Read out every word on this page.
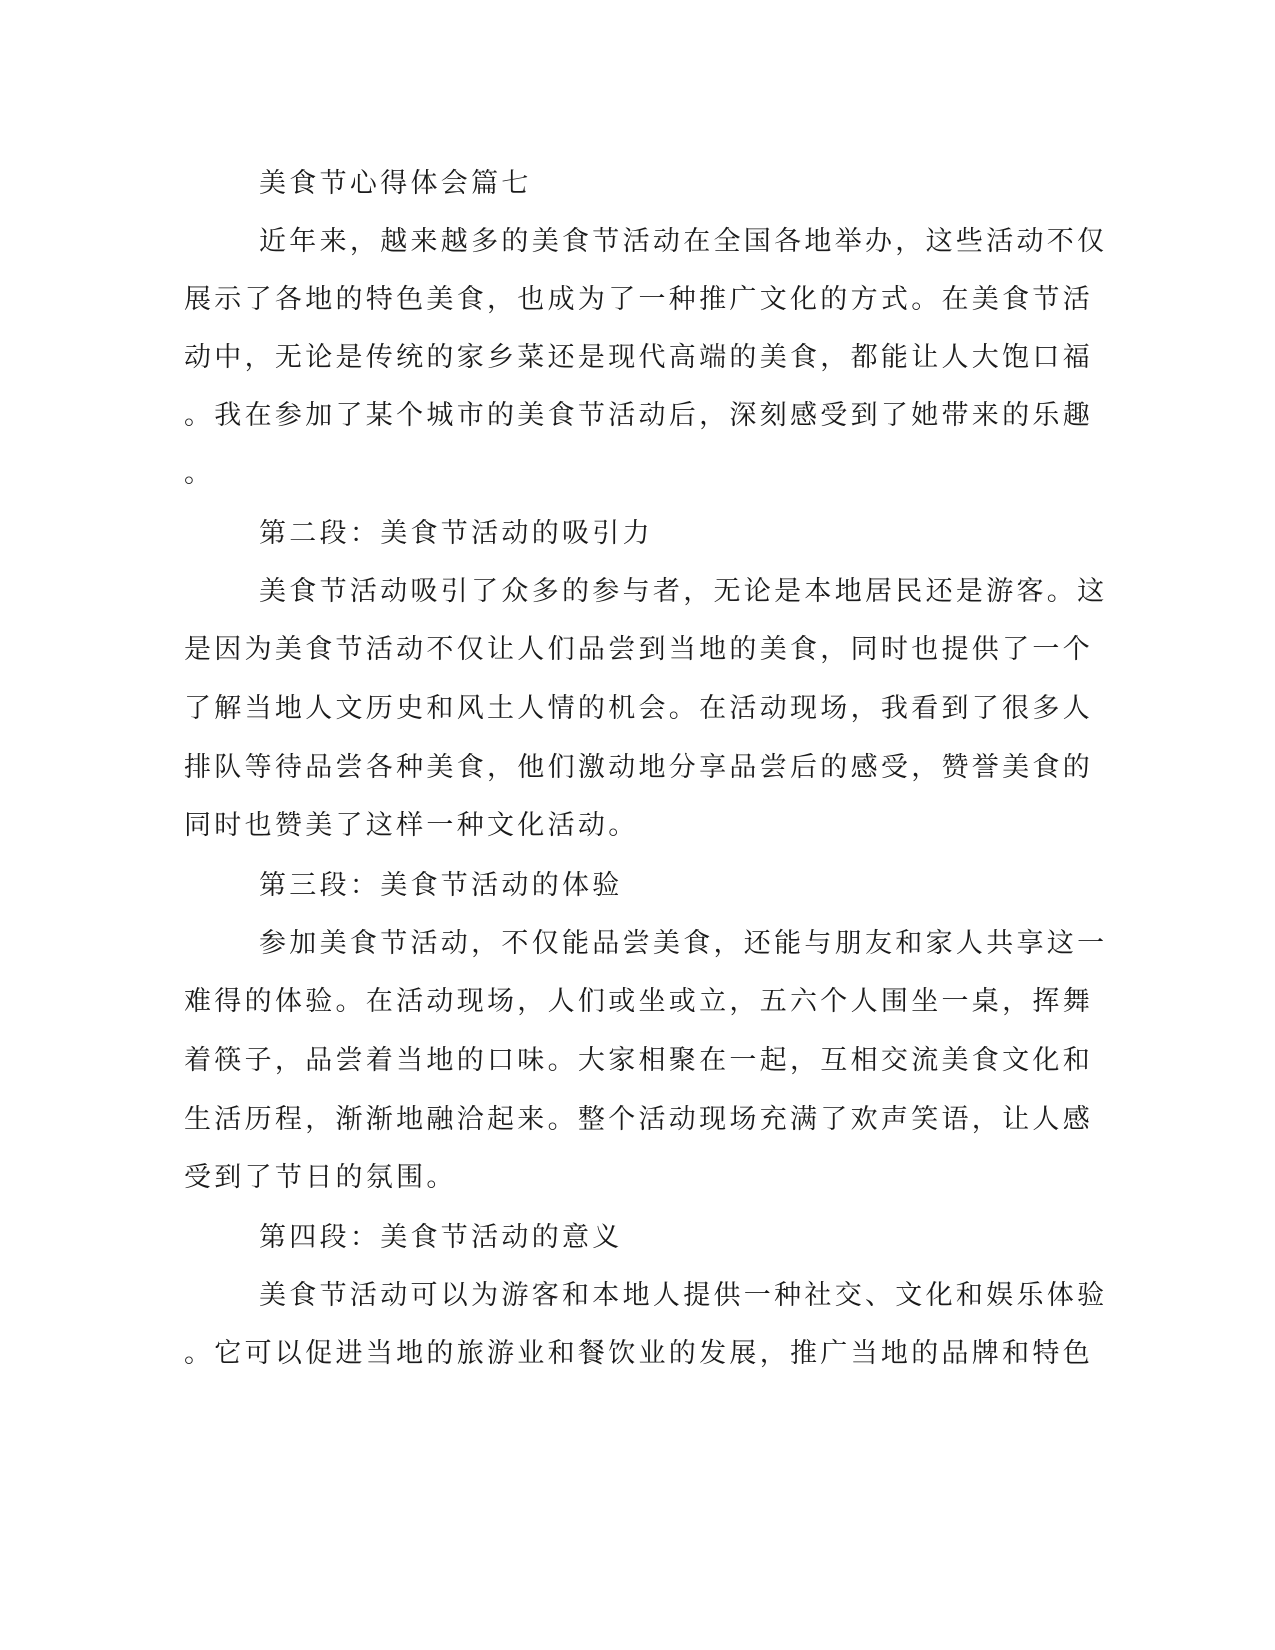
美食节心得体会篇七
近年来，越来越多的美食节活动在全国各地举办，这些活动不仅
展示了各地的特色美食，也成为了一种推广文化的方式。在美食节活
动中，无论是传统的家乡菜还是现代高端的美食，都能让人大饱口福
。我在参加了某个城市的美食节活动后，深刻感受到了她带来的乐趣
。
第二段：美食节活动的吸引力
美食节活动吸引了众多的参与者，无论是本地居民还是游客。这
是因为美食节活动不仅让人们品尝到当地的美食，同时也提供了一个
了解当地人文历史和风土人情的机会。在活动现场，我看到了很多人
排队等待品尝各种美食，他们激动地分享品尝后的感受，赞誉美食的
同时也赞美了这样一种文化活动。
第三段：美食节活动的体验
参加美食节活动，不仅能品尝美食，还能与朋友和家人共享这一
难得的体验。在活动现场，人们或坐或立，五六个人围坐一桌，挥舞
着筷子，品尝着当地的口味。大家相聚在一起，互相交流美食文化和
生活历程，渐渐地融洽起来。整个活动现场充满了欢声笑语，让人感
受到了节日的氛围。
第四段：美食节活动的意义
美食节活动可以为游客和本地人提供一种社交、文化和娱乐体验
。它可以促进当地的旅游业和餐饮业的发展，推广当地的品牌和特色
